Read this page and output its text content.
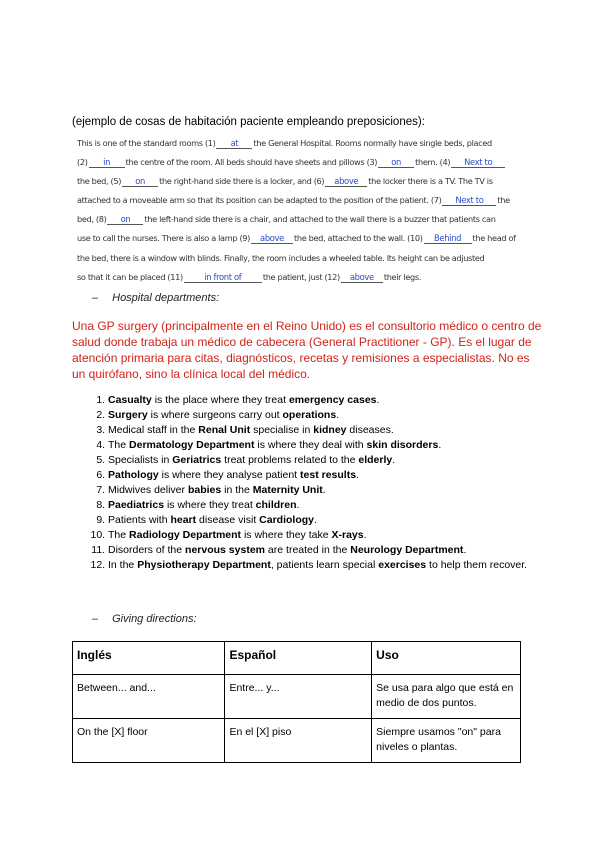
(ejemplo de cosas de habitación paciente empleando preposiciones):
This is one of the standard rooms (1) at the General Hospital. Rooms normally have single beds, placed
(2) in the centre of the room. All beds should have sheets and pillows (3) on them. (4) Next to
the bed, (5) on the right-hand side there is a locker, and (6) above the locker there is a TV. The TV is
attached to a moveable arm so that its position can be adapted to the position of the patient. (7) Next to the
bed, (8) on the left-hand side there is a chair, and attached to the wall there is a buzzer that patients can
use to call the nurses. There is also a lamp (9) above the bed, attached to the wall. (10) Behind the head of
the bed, there is a window with blinds. Finally, the room includes a wheeled table. Its height can be adjusted
so that it can be placed (11)	in front of	the patient, just (12) above their legs.
– Hospital departments:
Una GP surgery (principalmente en el Reino Unido) es el consultorio médico o centro de salud donde trabaja un médico de cabecera (General Practitioner - GP). Es el lugar de atención primaria para citas, diagnósticos, recetas y remisiones a especialistas. No es un quirófano, sino la clínica local del médico.
1. Casualty is the place where they treat emergency cases.
2. Surgery is where surgeons carry out operations.
3. Medical staff in the Renal Unit specialise in kidney diseases.
4. The Dermatology Department is where they deal with skin disorders.
5. Specialists in Geriatrics treat problems related to the elderly.
6. Pathology is where they analyse patient test results.
7. Midwives deliver babies in the Maternity Unit.
8. Paediatrics is where they treat children.
9. Patients with heart disease visit Cardiology.
10. The Radiology Department is where they take X-rays.
11. Disorders of the nervous system are treated in the Neurology Department.
12. In the Physiotherapy Department, patients learn special exercises to help them recover.
– Giving directions:
Inglés	Español	Uso
Between... and...	Entre... y...	Se usa para algo que está en medio de dos puntos.
On the [X] floor	En el [X] piso	Siempre usamos "on" para niveles o plantas.
